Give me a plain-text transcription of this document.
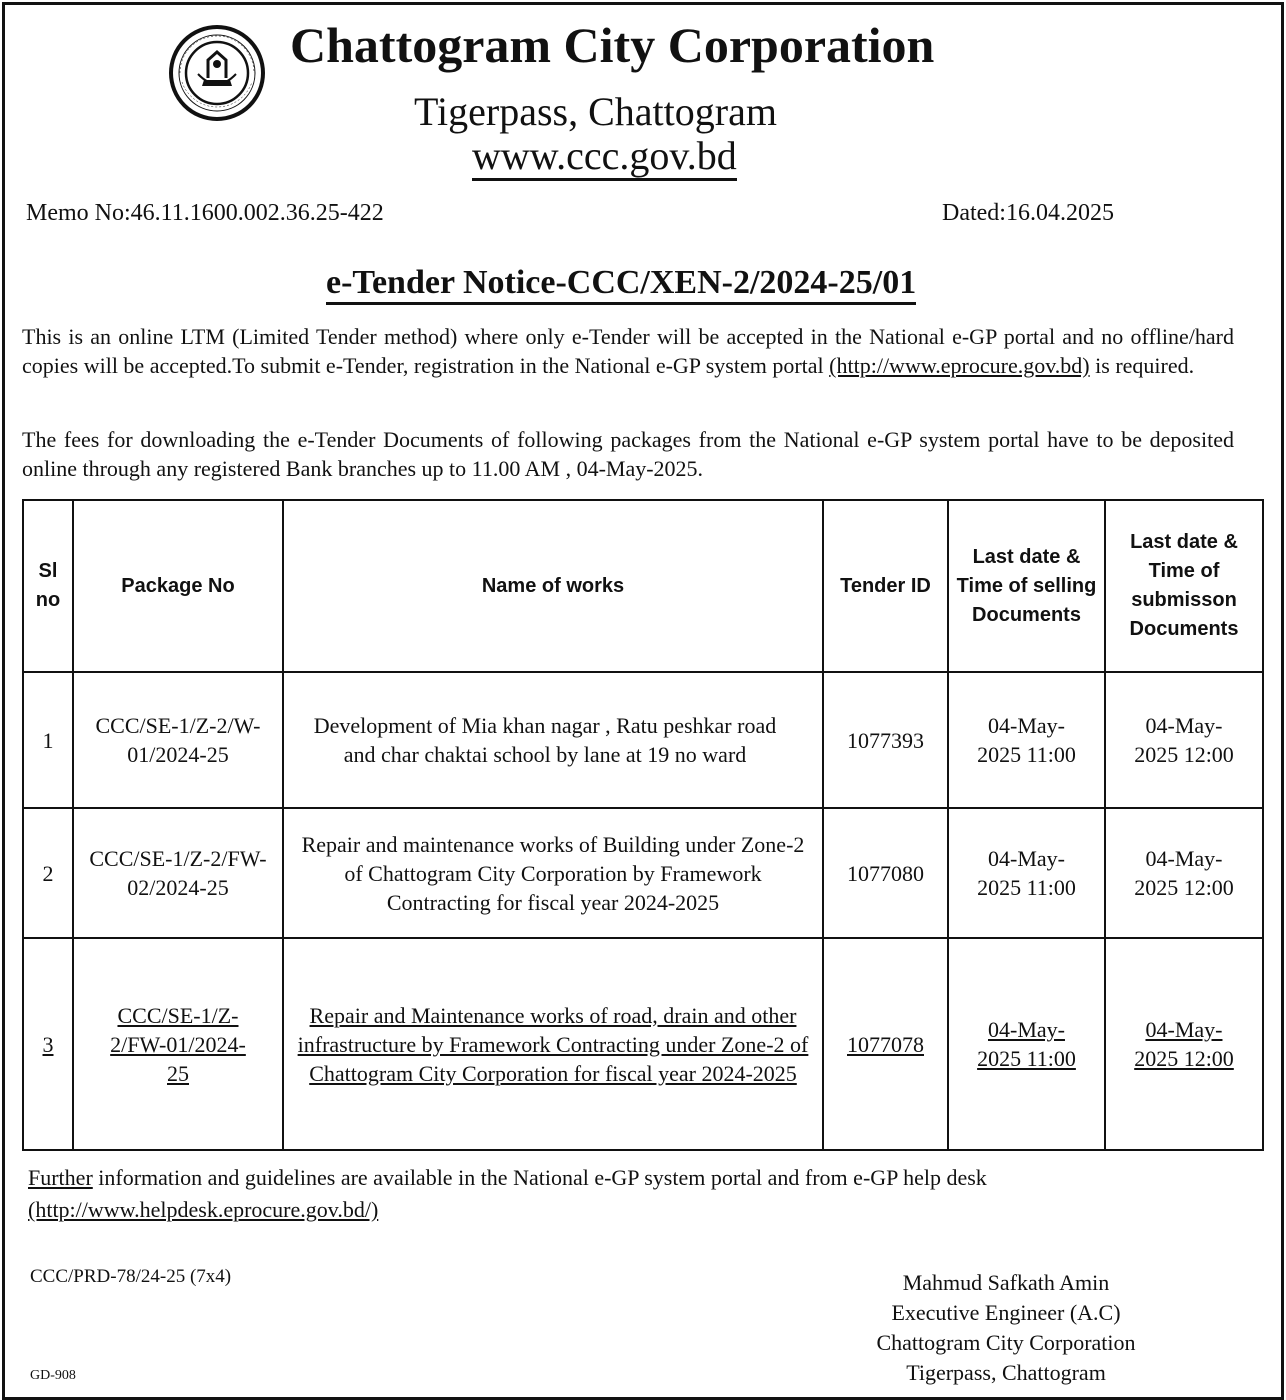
Chattogram City Corporation
Tigerpass, Chattogram
www.ccc.gov.bd
Memo No:46.11.1600.002.36.25-422	Dated:16.04.2025
e-Tender Notice-CCC/XEN-2/2024-25/01
This is an online LTM (Limited Tender method) where only e-Tender will be accepted in the National e-GP portal and no offline/hard copies will be accepted.To submit e-Tender, registration in the National e-GP system portal (http://www.eprocure.gov.bd) is required.
The fees for downloading the e-Tender Documents of following packages from the National e-GP system portal have to be deposited online through any registered Bank branches up to 11.00 AM , 04-May-2025.
Sl no	Package No	Name of works	Tender ID	Last date & Time of selling Documents	Last date & Time of submisson Documents
1	CCC/SE-1/Z-2/W-01/2024-25	Development of Mia khan nagar , Ratu peshkar road and char chaktai school by lane at 19 no ward	1077393	04-May-2025 11:00	04-May-2025 12:00
2	CCC/SE-1/Z-2/FW-02/2024-25	Repair and maintenance works of Building under Zone-2 of Chattogram City Corporation by Framework Contracting for fiscal year 2024-2025	1077080	04-May-2025 11:00	04-May-2025 12:00
3	CCC/SE-1/Z-2/FW-01/2024-25	Repair and Maintenance works of road, drain and other infrastructure by Framework Contracting under Zone-2 of Chattogram City Corporation for fiscal year 2024-2025	1077078	04-May-2025 11:00	04-May-2025 12:00
Further information and guidelines are available in the National e-GP system portal and from e-GP help desk
(http://www.helpdesk.eprocure.gov.bd/)
CCC/PRD-78/24-25 (7x4)
GD-908
Mahmud Safkath Amin
Executive Engineer (A.C)
Chattogram City Corporation
Tigerpass, Chattogram
